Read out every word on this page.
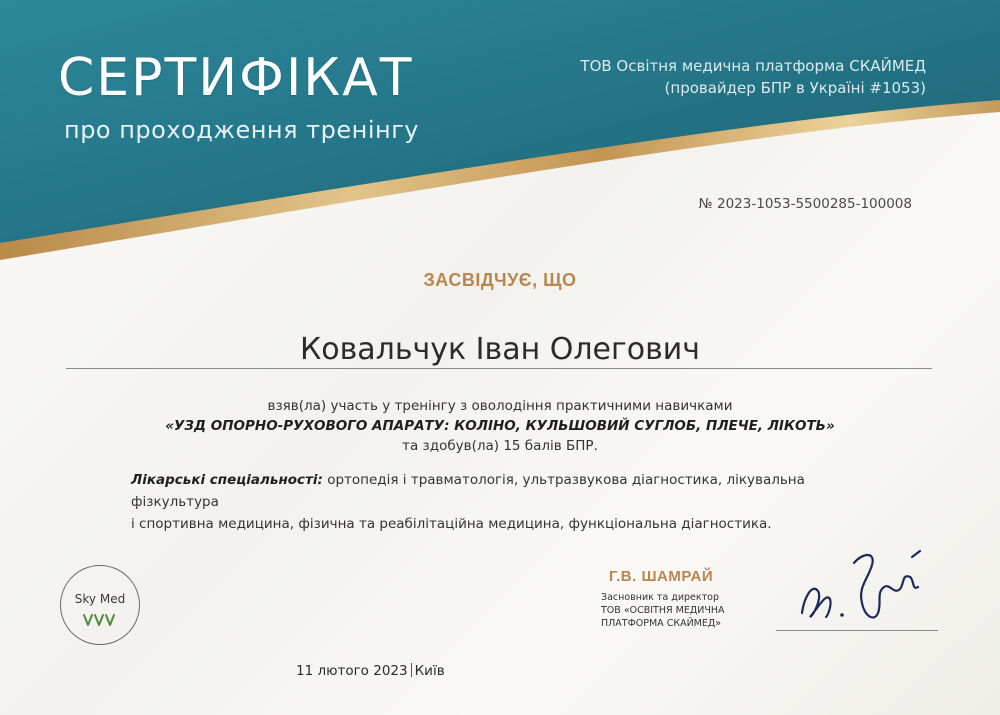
СЕРТИФІКАТ
про проходження тренінгу
ТОВ Освітня медична платформа СКАЙМЕД
(провайдер БПР в Україні #1053)
№ 2023-1053-5500285-100008
ЗАСВІДЧУЄ, ЩО
Ковальчук Іван Олегович
взяв(ла) участь у тренінгу з оволодіння практичними навичками
«УЗД ОПОРНО-РУХОВОГО АПАРАТУ: КОЛІНО, КУЛЬШОВИЙ СУГЛОБ, ПЛЕЧЕ, ЛІКОТЬ»
та здобув(ла) 15 балів БПР.
Лікарські спеціальності: ортопедія і травматологія, ультразвукова діагностика, лікувальна фізкультура
і спортивна медицина, фізична та реабілітаційна медицина, функціональна діагностика.
Sky Med
Г.В. ШАМРАЙ
Засновник та директор
ТОВ «ОСВІТНЯ МЕДИЧНА
ПЛАТФОРМА СКАЙМЕД»
11 лютого 2023 Київ
